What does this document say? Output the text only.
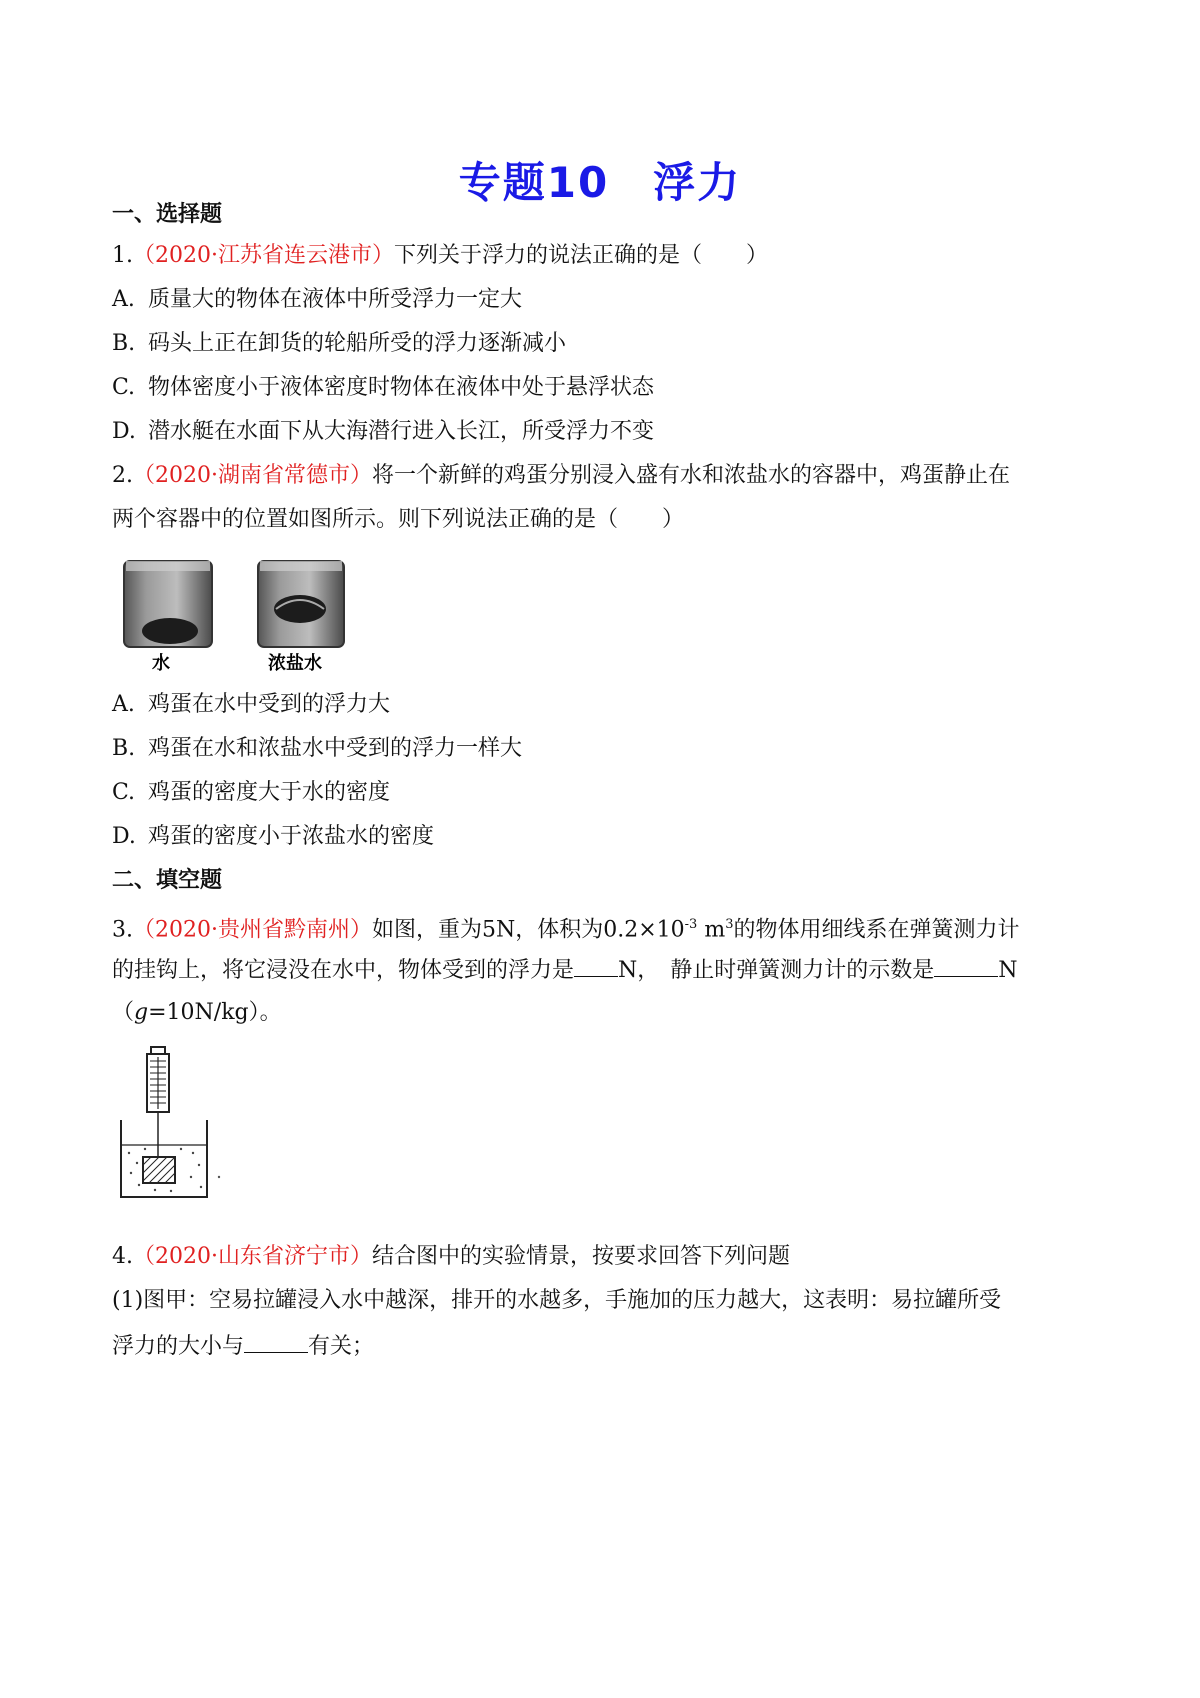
专题10　浮力
一、选择题
1.（2020·江苏省连云港市）下列关于浮力的说法正确的是（　　）
A. 质量大的物体在液体中所受浮力一定大
B. 码头上正在卸货的轮船所受的浮力逐渐减小
C. 物体密度小于液体密度时物体在液体中处于悬浮状态
D. 潜水艇在水面下从大海潜行进入长江，所受浮力不变
2.（2020·湖南省常德市）将一个新鲜的鸡蛋分别浸入盛有水和浓盐水的容器中，鸡蛋静止在
两个容器中的位置如图所示。则下列说法正确的是（　　）
水	浓盐水
A. 鸡蛋在水中受到的浮力大
B. 鸡蛋在水和浓盐水中受到的浮力一样大
C. 鸡蛋的密度大于水的密度
D. 鸡蛋的密度小于浓盐水的密度
二、填空题
3.（2020·贵州省黔南州）如图，重为5N，体积为$0.2\times 10^{-3}$ $m^3$的物体用细线系在弹簧测力计
的挂钩上，将它浸没在水中，物体受到的浮力是 N，　静止时弹簧测力计的示数是	N
（g=10N/kg）。
4.（2020·山东省济宁市）结合图中的实验情景，按要求回答下列问题
(1)图甲：空易拉罐浸入水中越深，排开的水越多，手施加的压力越大，这表明：易拉罐所受
浮力的大小与	有关；
